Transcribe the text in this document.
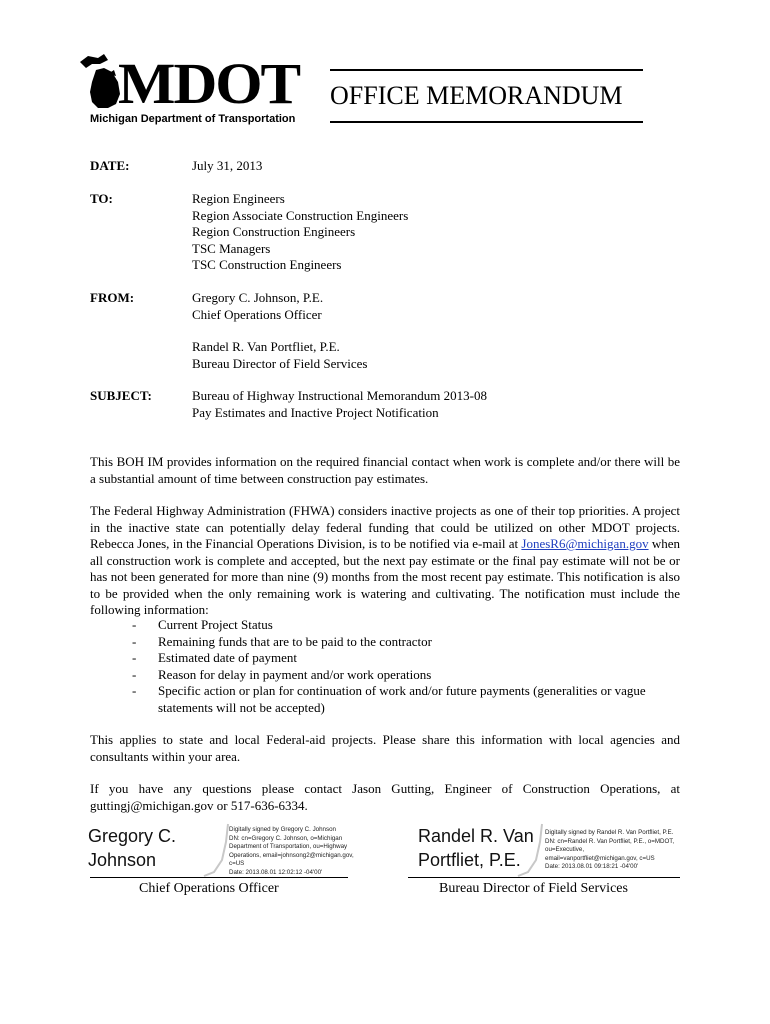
MDOT
Michigan Department of Transportation
OFFICE MEMORANDUM
DATE:	July 31, 2013
TO:	Region Engineers
Region Associate Construction Engineers
Region Construction Engineers
TSC Managers
TSC Construction Engineers
FROM:	Gregory C. Johnson, P.E.
Chief Operations Officer
Randel R. Van Portfliet, P.E.
Bureau Director of Field Services
SUBJECT:	Bureau of Highway Instructional Memorandum 2013-08
Pay Estimates and Inactive Project Notification
This BOH IM provides information on the required financial contact when work is complete and/or there will be a substantial amount of time between construction pay estimates.
The Federal Highway Administration (FHWA) considers inactive projects as one of their top priorities. A project in the inactive state can potentially delay federal funding that could be utilized on other MDOT projects. Rebecca Jones, in the Financial Operations Division, is to be notified via e-mail at JonesR6@michigan.gov when all construction work is complete and accepted, but the next pay estimate or the final pay estimate will not be or has not been generated for more than nine (9) months from the most recent pay estimate. This notification is also to be provided when the only remaining work is watering and cultivating. The notification must include the following information:
- Current Project Status
- Remaining funds that are to be paid to the contractor
- Estimated date of payment
- Reason for delay in payment and/or work operations
- Specific action or plan for continuation of work and/or future payments (generalities or vague statements will not be accepted)
This applies to state and local Federal-aid projects. Please share this information with local agencies and consultants within your area.
If you have any questions please contact Jason Gutting, Engineer of Construction Operations, at guttingj@michigan.gov or 517-636-6334.
Gregory C.
Johnson
Digitally signed by Gregory C. Johnson
DN: cn=Gregory C. Johnson, o=Michigan
Department of Transportation, ou=Highway
Operations, email=johnsong2@michigan.gov,
c=US
Date: 2013.08.01 12:02:12 -04'00'
Chief Operations Officer
Randel R. Van
Portfliet, P.E.
Digitally signed by Randel R. Van Portfliet, P.E.
DN: cn=Randel R. Van Portfliet, P.E., o=MDOT,
ou=Executive,
email=vanportfliet@michigan.gov, c=US
Date: 2013.08.01 09:18:21 -04'00'
Bureau Director of Field Services
